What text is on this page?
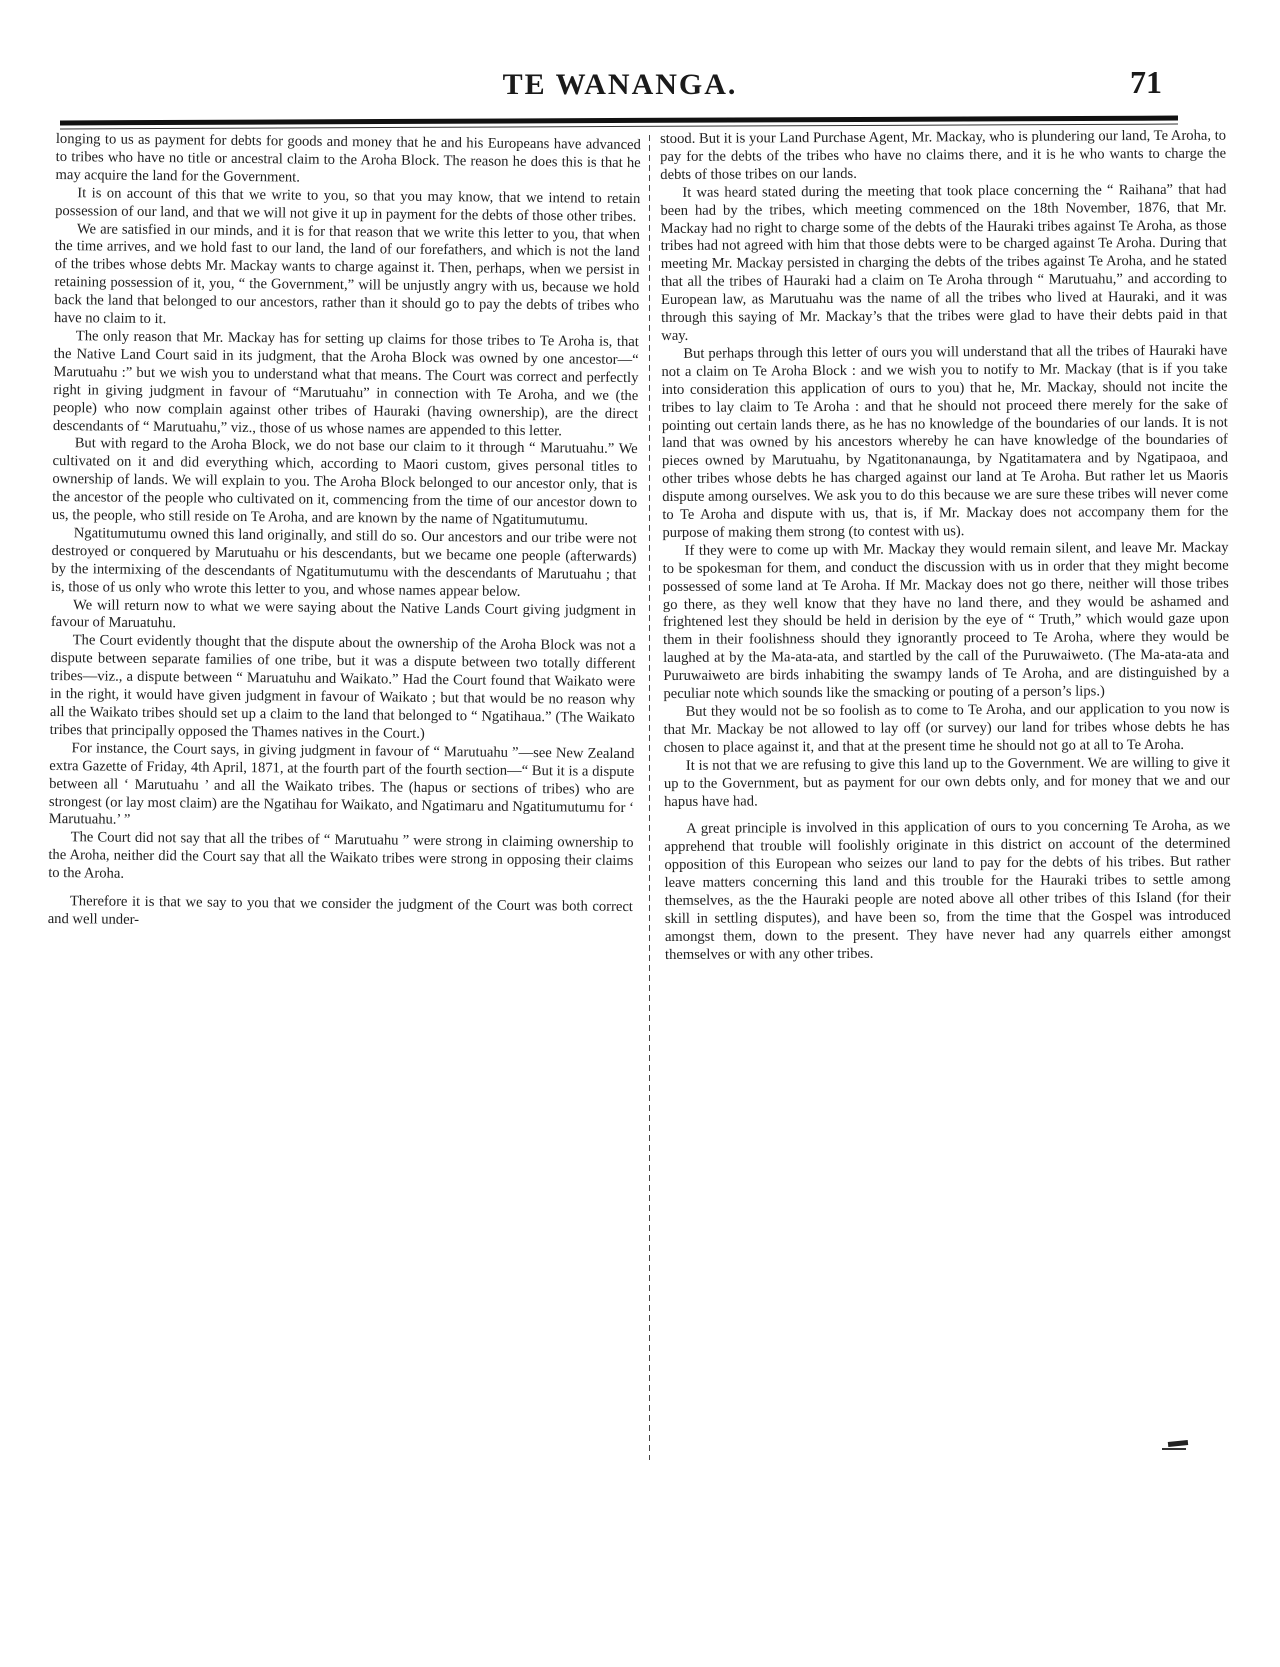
TE WANANGA.	71

longing to us as payment for debts for goods and money that he and his Europeans have advanced to tribes who have no title or ancestral claim to the Aroha Block. The reason he does this is that he may acquire the land for the Government.

It is on account of this that we write to you, so that you may know, that we intend to retain possession of our land, and that we will not give it up in payment for the debts of those other tribes.

We are satisfied in our minds, and it is for that reason that we write this letter to you, that when the time arrives, and we hold fast to our land, the land of our forefathers, and which is not the land of the tribes whose debts Mr. Mackay wants to charge against it. Then, perhaps, when we persist in retaining possession of it, you, “ the Government,” will be unjustly angry with us, because we hold back the land that belonged to our ancestors, rather than it should go to pay the debts of tribes who have no claim to it.

The only reason that Mr. Mackay has for setting up claims for those tribes to Te Aroha is, that the Native Land Court said in its judgment, that the Aroha Block was owned by one ancestor—“ Marutuahu :” but we wish you to understand what that means. The Court was correct and perfectly right in giving judgment in favour of “Marutuahu” in connection with Te Aroha, and we (the people) who now complain against other tribes of Hauraki (having ownership), are the direct descendants of “ Marutuahu,” viz., those of us whose names are appended to this letter.

But with regard to the Aroha Block, we do not base our claim to it through “ Marutuahu.” We cultivated on it and did everything which, according to Maori custom, gives personal titles to ownership of lands. We will explain to you. The Aroha Block belonged to our ancestor only, that is the ancestor of the people who cultivated on it, commencing from the time of our ancestor down to us, the people, who still reside on Te Aroha, and are known by the name of Ngatitumutumu.

Ngatitumutumu owned this land originally, and still do so. Our ancestors and our tribe were not destroyed or conquered by Marutuahu or his descendants, but we became one people (afterwards) by the intermixing of the descendants of Ngatitumutumu with the descendants of Marutuahu ; that is, those of us only who wrote this letter to you, and whose names appear below.

We will return now to what we were saying about the Native Lands Court giving judgment in favour of Maruatuhu.

The Court evidently thought that the dispute about the ownership of the Aroha Block was not a dispute between separate families of one tribe, but it was a dispute between two totally different tribes—viz., a dispute between “ Maruatuhu and Waikato.” Had the Court found that Waikato were in the right, it would have given judgment in favour of Waikato ; but that would be no reason why all the Waikato tribes should set up a claim to the land that belonged to “ Ngatihaua.” (The Waikato tribes that principally opposed the Thames natives in the Court.)

For instance, the Court says, in giving judgment in favour of “ Marutuahu ”—see New Zealand extra Gazette of Friday, 4th April, 1871, at the fourth part of the fourth section—“ But it is a dispute between all ‘ Marutuahu ’ and all the Waikato tribes. The (hapus or sections of tribes) who are strongest (or lay most claim) are the Ngatihau for Waikato, and Ngatimaru and Ngatitumutumu for ‘ Marutuahu.’ ”

The Court did not say that all the tribes of “ Marutuahu ” were strong in claiming ownership to the Aroha, neither did the Court say that all the Waikato tribes were strong in opposing their claims to the Aroha.

Therefore it is that we say to you that we consider the judgment of the Court was both correct and well under-

stood. But it is your Land Purchase Agent, Mr. Mackay, who is plundering our land, Te Aroha, to pay for the debts of the tribes who have no claims there, and it is he who wants to charge the debts of those tribes on our lands.

It was heard stated during the meeting that took place concerning the “ Raihana” that had been had by the tribes, which meeting commenced on the 18th November, 1876, that Mr. Mackay had no right to charge some of the debts of the Hauraki tribes against Te Aroha, as those tribes had not agreed with him that those debts were to be charged against Te Aroha. During that meeting Mr. Mackay persisted in charging the debts of the tribes against Te Aroha, and he stated that all the tribes of Hauraki had a claim on Te Aroha through “ Marutuahu,” and according to European law, as Marutuahu was the name of all the tribes who lived at Hauraki, and it was through this saying of Mr. Mackay’s that the tribes were glad to have their debts paid in that way.

But perhaps through this letter of ours you will understand that all the tribes of Hauraki have not a claim on Te Aroha Block : and we wish you to notify to Mr. Mackay (that is if you take into consideration this application of ours to you) that he, Mr. Mackay, should not incite the tribes to lay claim to Te Aroha : and that he should not proceed there merely for the sake of pointing out certain lands there, as he has no knowledge of the boundaries of our lands. It is not land that was owned by his ancestors whereby he can have knowledge of the boundaries of pieces owned by Marutuahu, by Ngatitonanaunga, by Ngatitamatera and by Ngatipaoa, and other tribes whose debts he has charged against our land at Te Aroha. But rather let us Maoris dispute among ourselves. We ask you to do this because we are sure these tribes will never come to Te Aroha and dispute with us, that is, if Mr. Mackay does not accompany them for the purpose of making them strong (to contest with us).

If they were to come up with Mr. Mackay they would remain silent, and leave Mr. Mackay to be spokesman for them, and conduct the discussion with us in order that they might become possessed of some land at Te Aroha. If Mr. Mackay does not go there, neither will those tribes go there, as they well know that they have no land there, and they would be ashamed and frightened lest they should be held in derision by the eye of “ Truth,” which would gaze upon them in their foolishness should they ignorantly proceed to Te Aroha, where they would be laughed at by the Ma-ata-ata, and startled by the call of the Puruwaiweto. (The Ma-ata-ata and Puruwaiweto are birds inhabiting the swampy lands of Te Aroha, and are distinguished by a peculiar note which sounds like the smacking or pouting of a person’s lips.)

But they would not be so foolish as to come to Te Aroha, and our application to you now is that Mr. Mackay be not allowed to lay off (or survey) our land for tribes whose debts he has chosen to place against it, and that at the present time he should not go at all to Te Aroha.

It is not that we are refusing to give this land up to the Government. We are willing to give it up to the Government, but as payment for our own debts only, and for money that we and our hapus have had.

A great principle is involved in this application of ours to you concerning Te Aroha, as we apprehend that trouble will foolishly originate in this district on account of the determined opposition of this European who seizes our land to pay for the debts of his tribes. But rather leave matters concerning this land and this trouble for the Hauraki tribes to settle among themselves, as the the Hauraki people are noted above all other tribes of this Island (for their skill in settling disputes), and have been so, from the time that the Gospel was introduced amongst them, down to the present. They have never had any quarrels either amongst themselves or with any other tribes.
